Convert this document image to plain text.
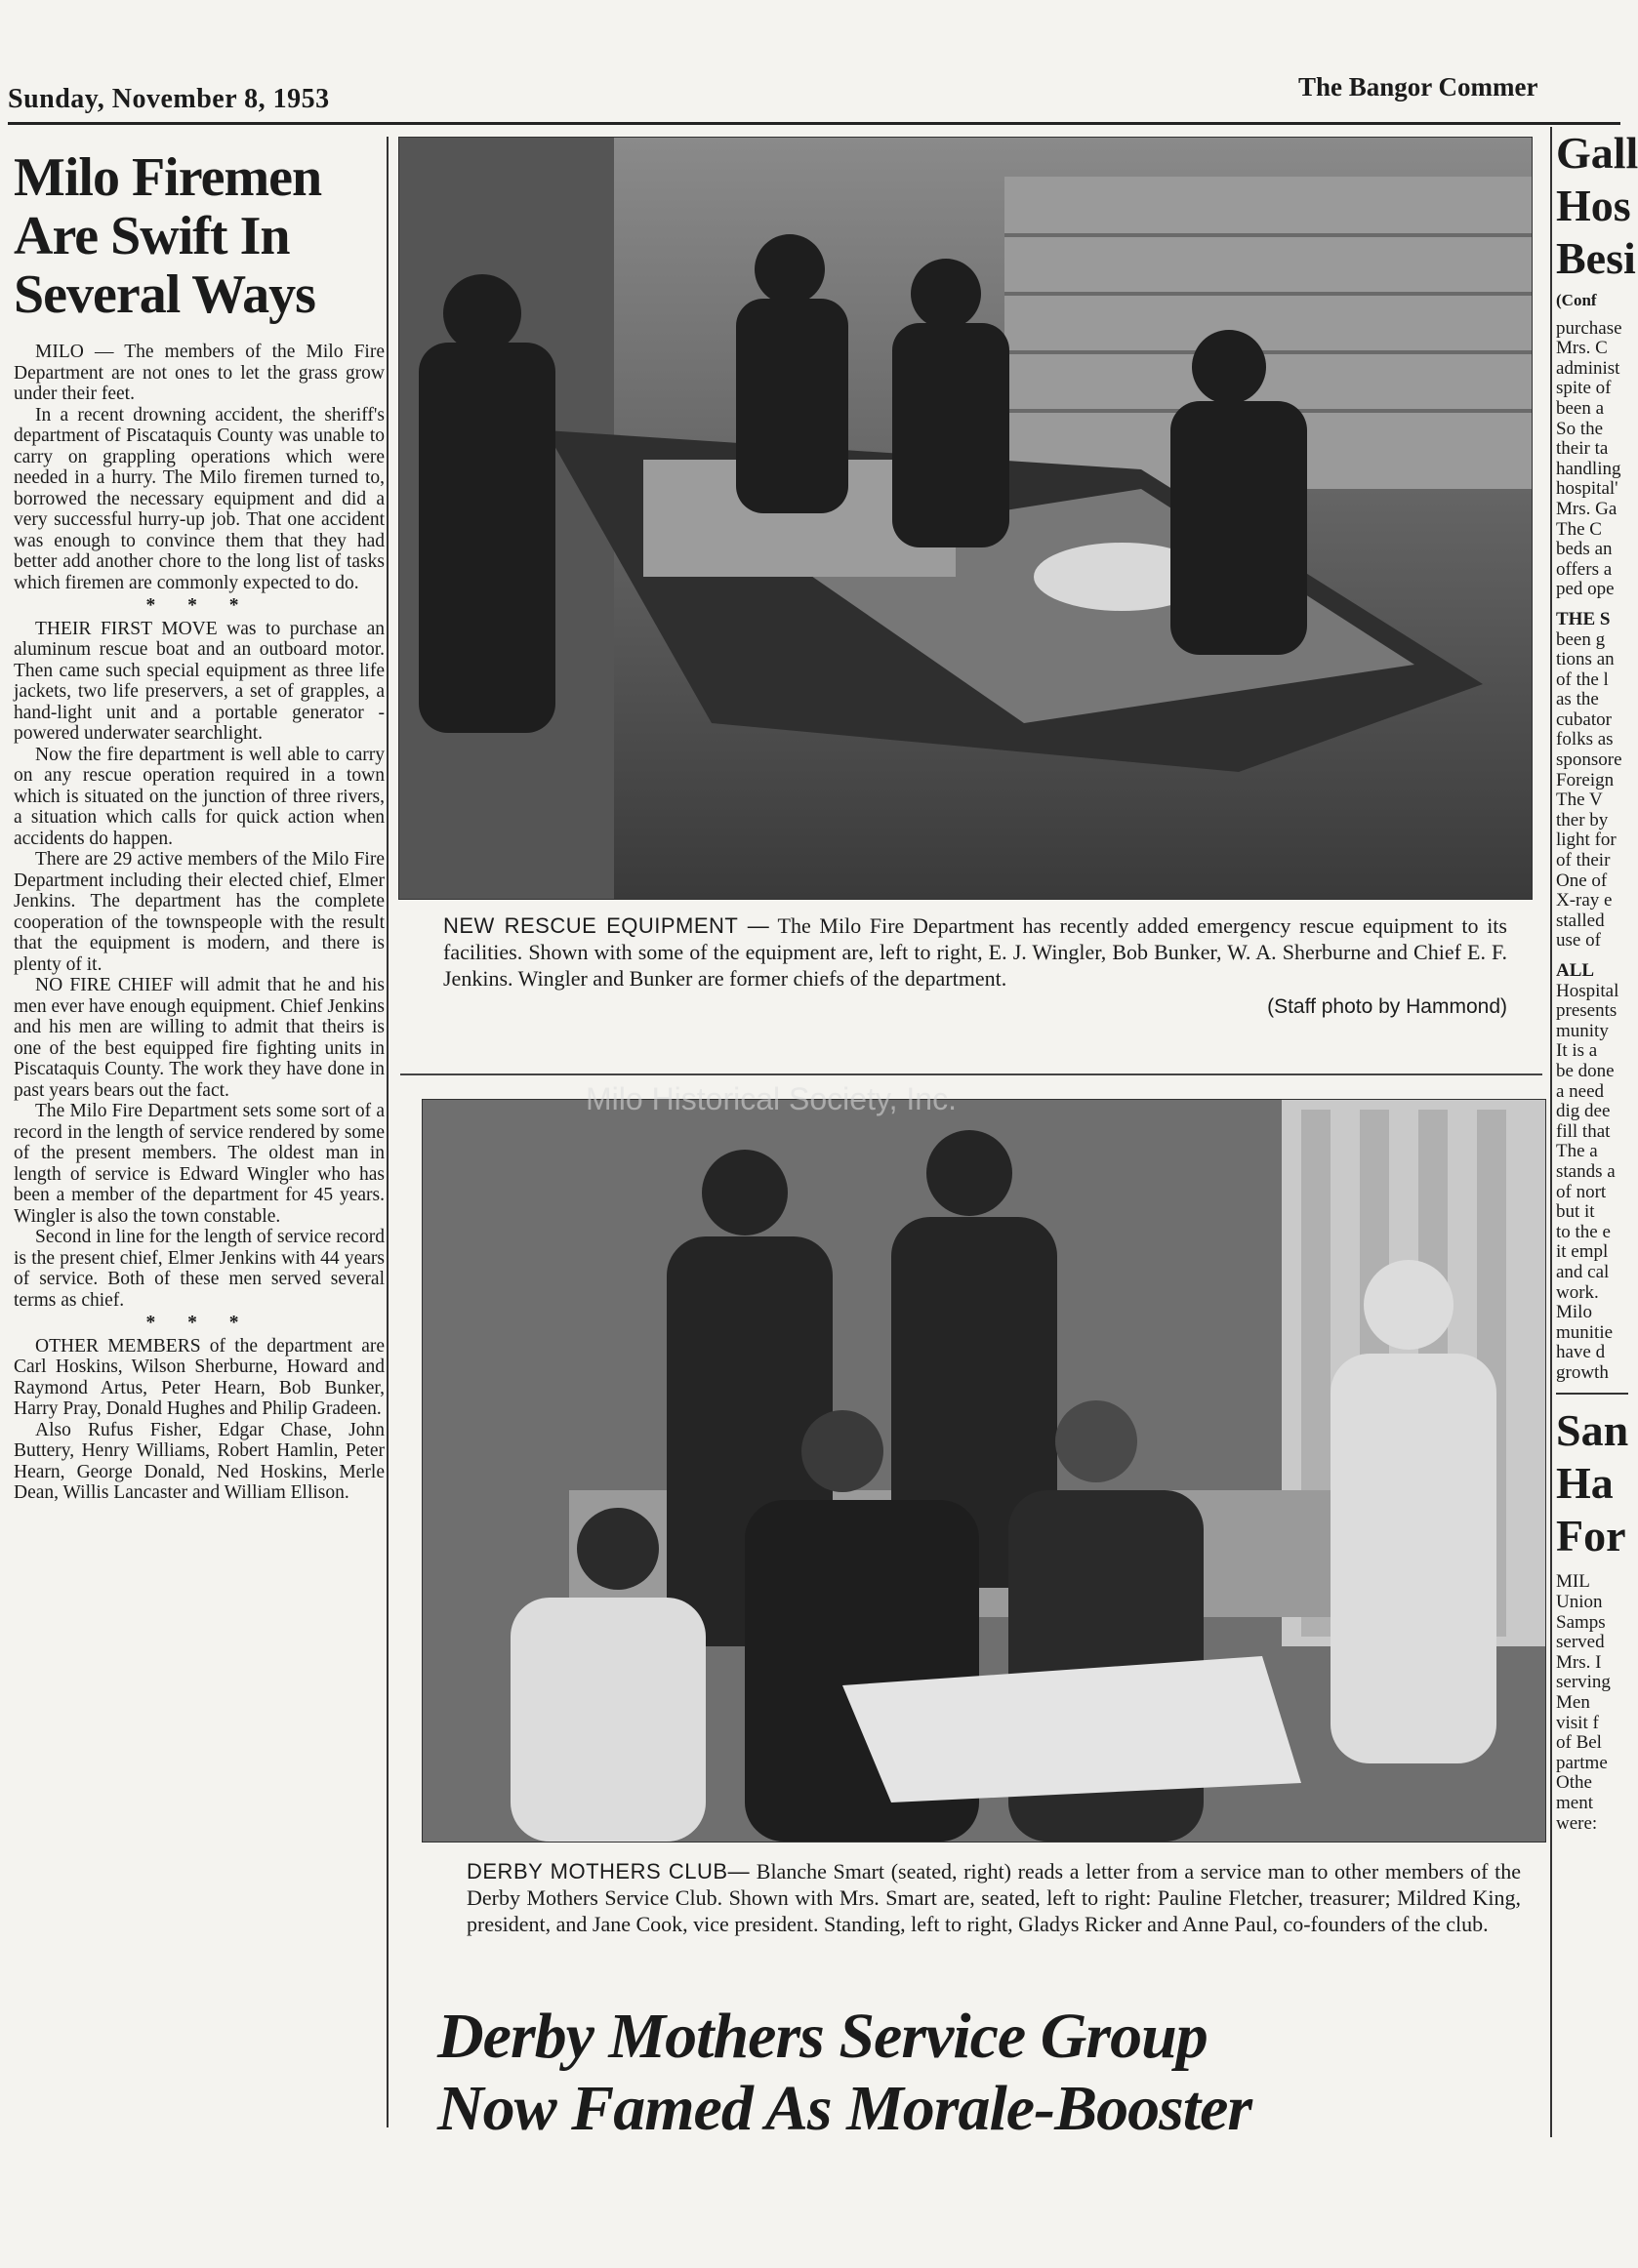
Sunday, November 8, 1953	The Bangor Commer
Milo Firemen
Are Swift In
Several Ways

MILO — The members of the Milo Fire Department are not ones to let the grass grow under their feet.

In a recent drowning accident, the sheriff's department of Piscataquis County was unable to carry on grappling operations which were needed in a hurry. The Milo firemen turned to, borrowed the necessary equipment and did a very successful hurry-up job. That one accident was enough to convince them that they had better add another chore to the long list of tasks which firemen are commonly expected to do.

* * *

THEIR FIRST MOVE was to purchase an aluminum rescue boat and an outboard motor. Then came such special equipment as three life jackets, two life preservers, a set of grapples, a hand-light unit and a portable generator - powered underwater searchlight.

Now the fire department is well able to carry on any rescue operation required in a town which is situated on the junction of three rivers, a situation which calls for quick action when accidents do happen.

There are 29 active members of the Milo Fire Department including their elected chief, Elmer Jenkins. The department has the complete cooperation of the townspeople with the result that the equipment is modern, and there is plenty of it.

NO FIRE CHIEF will admit that he and his men ever have enough equipment. Chief Jenkins and his men are willing to admit that theirs is one of the best equipped fire fighting units in Piscataquis County. The work they have done in past years bears out the fact.

The Milo Fire Department sets some sort of a record in the length of service rendered by some of the present members. The oldest man in length of service is Edward Wingler who has been a member of the department for 45 years. Wingler is also the town constable.

Second in line for the length of service record is the present chief, Elmer Jenkins with 44 years of service. Both of these men served several terms as chief.

* * *

OTHER MEMBERS of the department are Carl Hoskins, Wilson Sherburne, Howard and Raymond Artus, Peter Hearn, Bob Bunker, Harry Pray, Donald Hughes and Philip Gradeen.

Also Rufus Fisher, Edgar Chase, John Buttery, Henry Williams, Robert Hamlin, Peter Hearn, George Donald, Ned Hoskins, Merle Dean, Willis Lancaster and William Ellison.

NEW RESCUE EQUIPMENT — The Milo Fire Department has recently added emergency rescue equipment to its facilities. Shown with some of the equipment are, left to right, E. J. Wingler, Bob Bunker, W. A. Sherburne and Chief E. F. Jenkins. Wingler and Bunker are former chiefs of the department.
(Staff photo by Hammond)
Milo Historical Society, Inc.
DERBY MOTHERS CLUB— Blanche Smart (seated, right) reads a letter from a service man to other members of the Derby Mothers Service Club. Shown with Mrs. Smart are, seated, left to right: Pauline Fletcher, treasurer; Mildred King, president, and Jane Cook, vice president. Standing, left to right, Gladys Ricker and Anne Paul, co-founders of the club.
Derby Mothers Service Group
Now Famed As Morale-Booster
Gall
Hos
Besi
(Conf
purchase
Mrs. C
administ
spite of
been a
So the
their ta
handling
hospital'
Mrs. Ga
The C
beds an
offers a
ped ope
THE S
been g
tions an
of the l
as the
cubator
folks as
sponsore
Foreign
The V
ther by
light for
of their
One of
X-ray e
stalled
use of
ALL
Hospital
presents
munity
It is a
be done
a need
dig dee
fill that
The a
stands a
of nort
but it
to the e
it empl
and cal
work.
Milo
munitie
have d
growth
San
Ha
For
MIL
Union
Samps
served
Mrs. I
serving
Men
visit f
of Bel
partme
Othe
ment
were:
